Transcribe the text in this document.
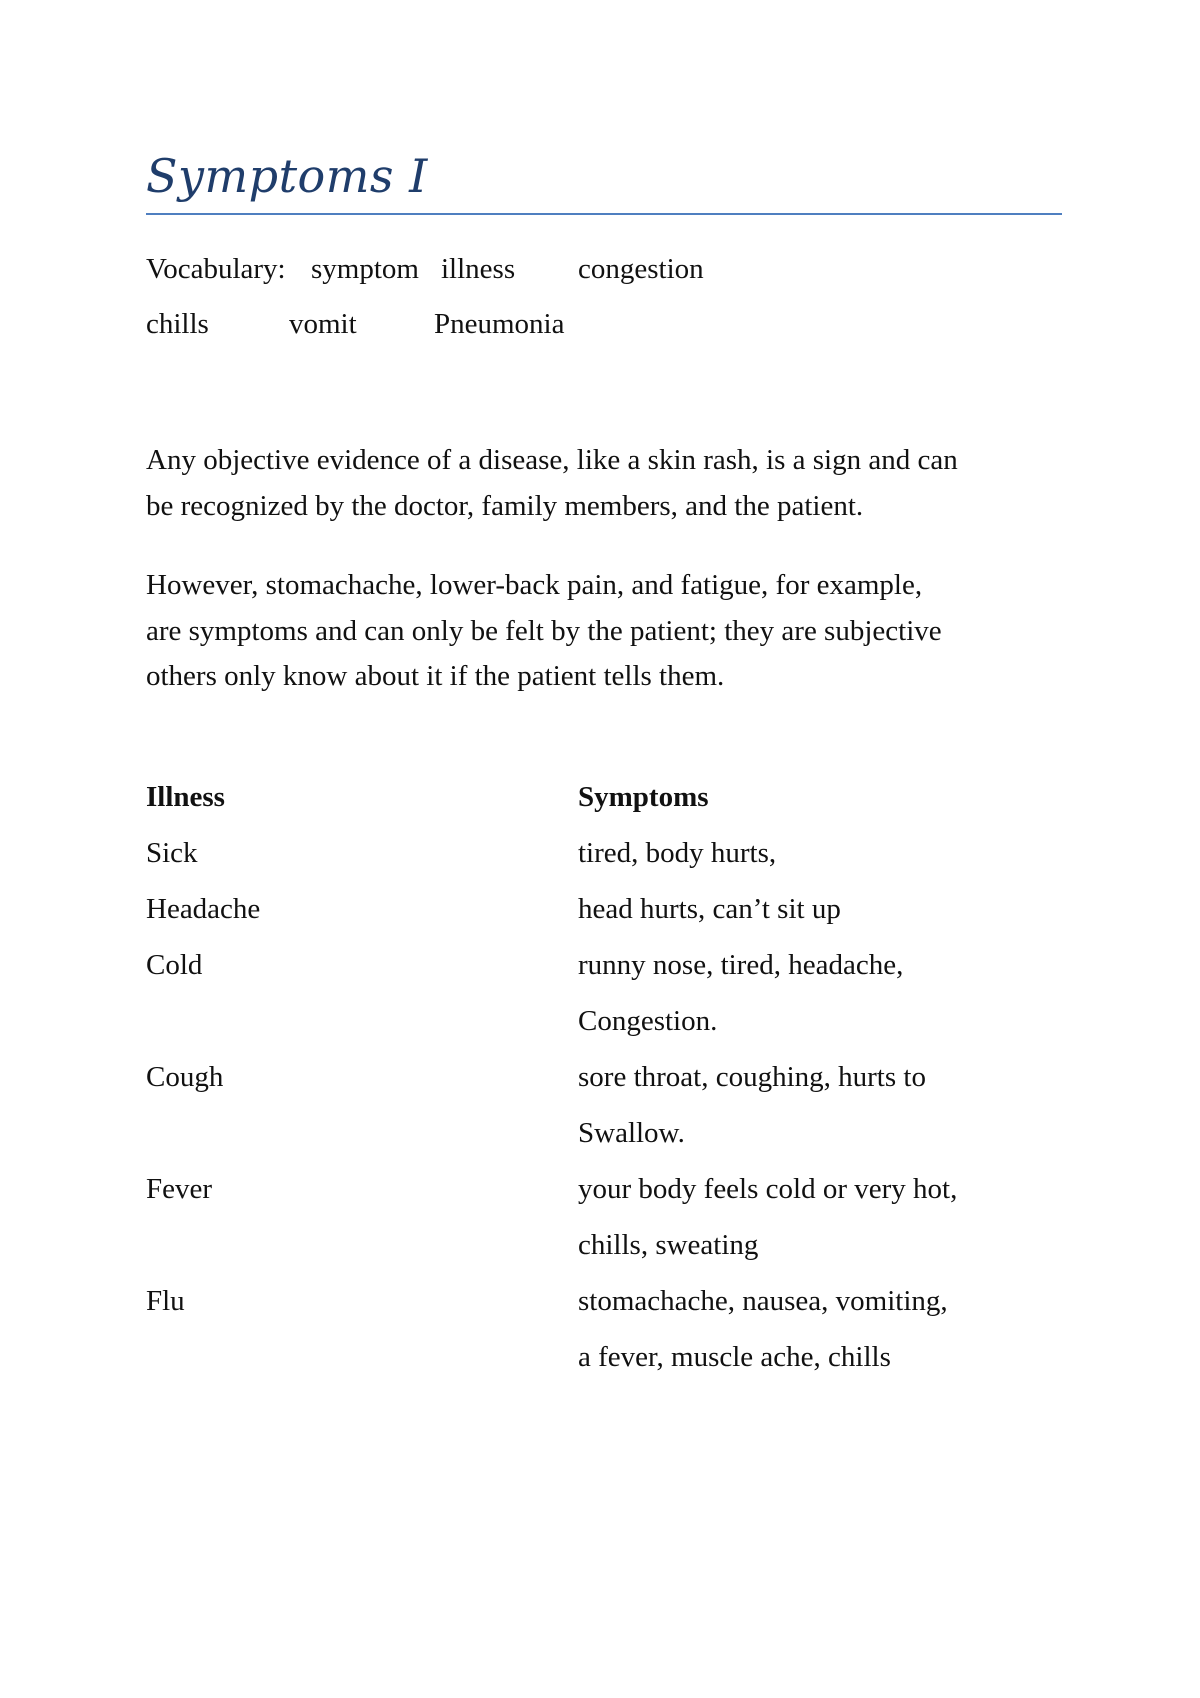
Symptoms I
Vocabulary: symptom illness congestion
chills	vomit	Pneumonia
Any objective evidence of a disease, like a skin rash, is a sign and can
be recognized by the doctor, family members, and the patient.
However, stomachache, lower-back pain, and fatigue, for example,
are symptoms and can only be felt by the patient; they are subjective
others only know about it if the patient tells them.
Illness	Symptoms
Sick	tired, body hurts,
Headache	head hurts, can’t sit up
Cold	runny nose, tired, headache,
Congestion.
Cough	sore throat, coughing, hurts to
Swallow.
Fever	your body feels cold or very hot,
chills, sweating
Flu	stomachache, nausea, vomiting,
a fever, muscle ache, chills
